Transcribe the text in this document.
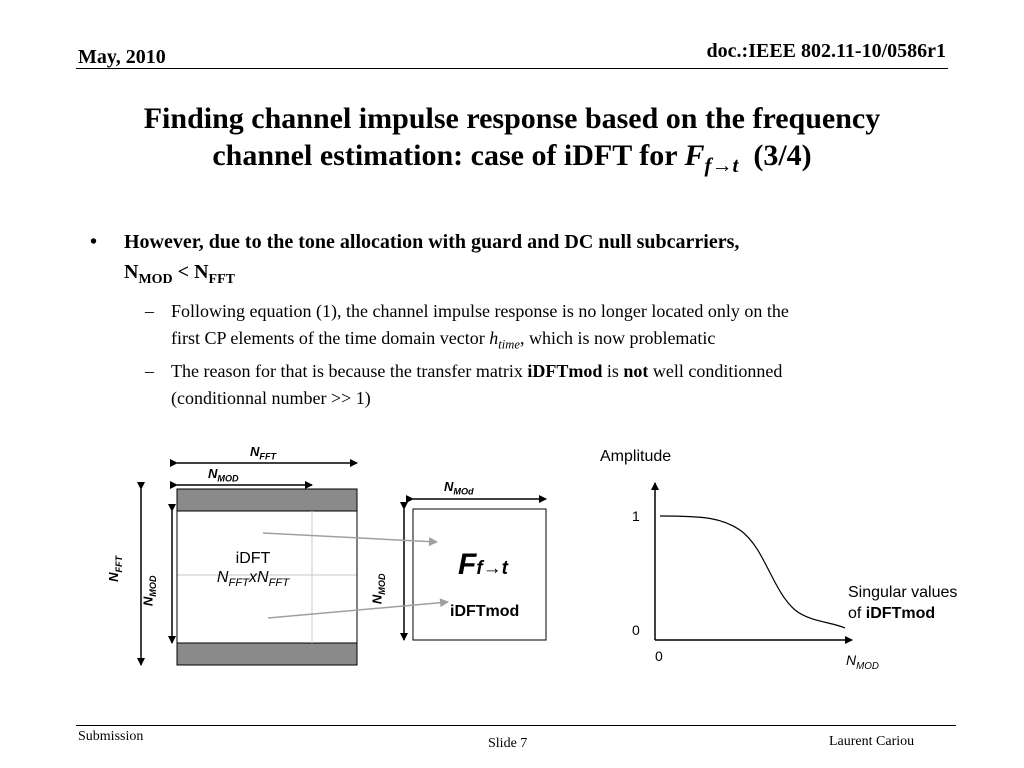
May, 2010	doc.:IEEE 802.11-10/0586r1
Finding channel impulse response based on the frequency
channel estimation: case of iDFT for $F_{f\to t}$ (3/4)
• However, due to the tone allocation with guard and DC null subcarriers,
$N_{MOD} < N_{FFT}$
– Following equation (1), the channel impulse response is no longer located only on the
first CP elements of the time domain vector $h_{time}$, which is now problematic
– The reason for that is because the transfer matrix iDFTmod is not well conditionned
(conditionnal number >> 1)
$N_{FFT}$
$N_{MOD}$
$N_{MOd}$
$N_{FFT}$
$N_{MOD}$
$N_{MOD}$
iDFT
$N_{FFT}xN_{FFT}$
Ff→t
iDFTmod
Amplitude
1
0
0	$N_{MOD}$
Singular values
of iDFTmod
Submission	Slide 7	Laurent Cariou
